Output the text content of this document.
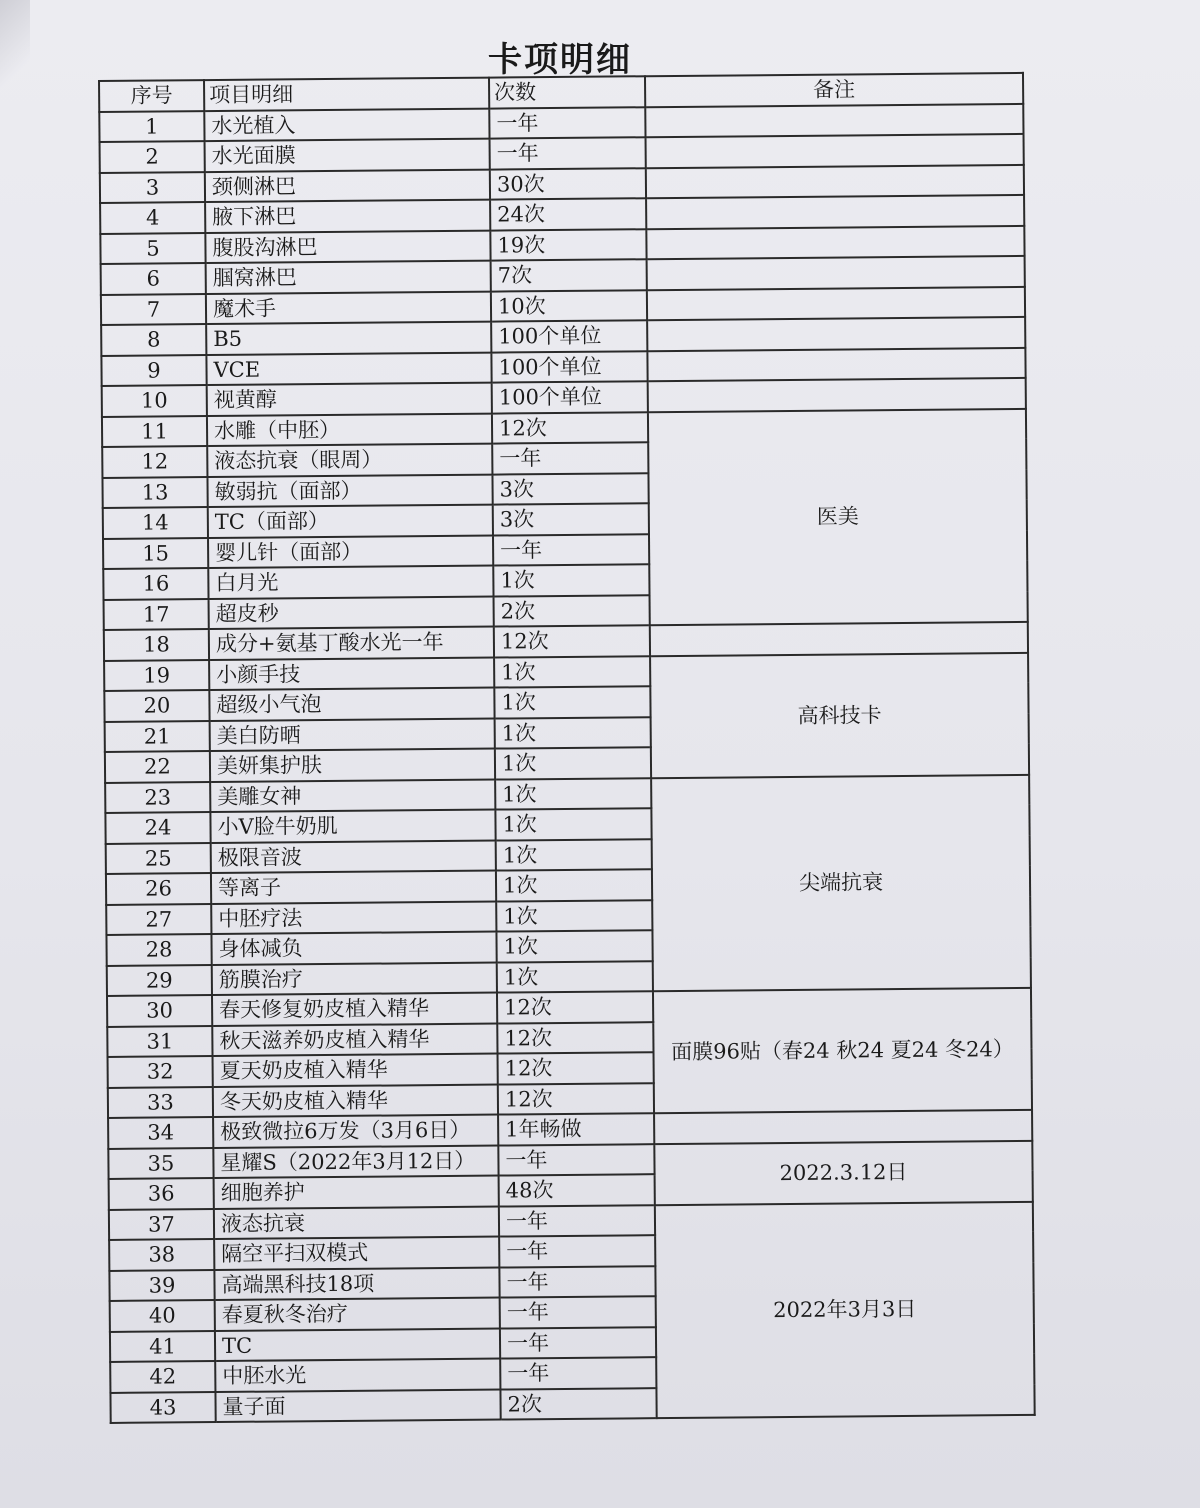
卡项明细
序号	项目明细	次数	备注
1	水光植入	一年	
2	水光面膜	一年	
3	颈侧淋巴	30次	
4	腋下淋巴	24次	
5	腹股沟淋巴	19次	
6	腘窝淋巴	7次	
7	魔术手	10次	
8	B5	100个单位	
9	VCE	100个单位	
10	视黄醇	100个单位	
11	水雕（中胚）	12次	医美
12	液态抗衰（眼周）	一年	
13	敏弱抗（面部）	3次	
14	TC（面部）	3次	
15	婴儿针（面部）	一年	
16	白月光	1次	
17	超皮秒	2次	
18	成分+氨基丁酸水光一年	12次	
19	小颜手技	1次	高科技卡
20	超级小气泡	1次	
21	美白防晒	1次	
22	美妍集护肤	1次	
23	美雕女神	1次	尖端抗衰
24	小V脸牛奶肌	1次	
25	极限音波	1次	
26	等离子	1次	
27	中胚疗法	1次	
28	身体减负	1次	
29	筋膜治疗	1次	
30	春天修复奶皮植入精华	12次	面膜96贴（春24 秋24 夏24 冬24）
31	秋天滋养奶皮植入精华	12次	
32	夏天奶皮植入精华	12次	
33	冬天奶皮植入精华	12次	
34	极致微拉6万发（3月6日）	1年畅做	
35	星耀S（2022年3月12日）	一年	2022.3.12日
36	细胞养护	48次	
37	液态抗衰	一年	2022年3月3日
38	隔空平扫双模式	一年	
39	高端黑科技18项	一年	
40	春夏秋冬治疗	一年	
41	TC	一年	
42	中胚水光	一年	
43	量子面	2次	
